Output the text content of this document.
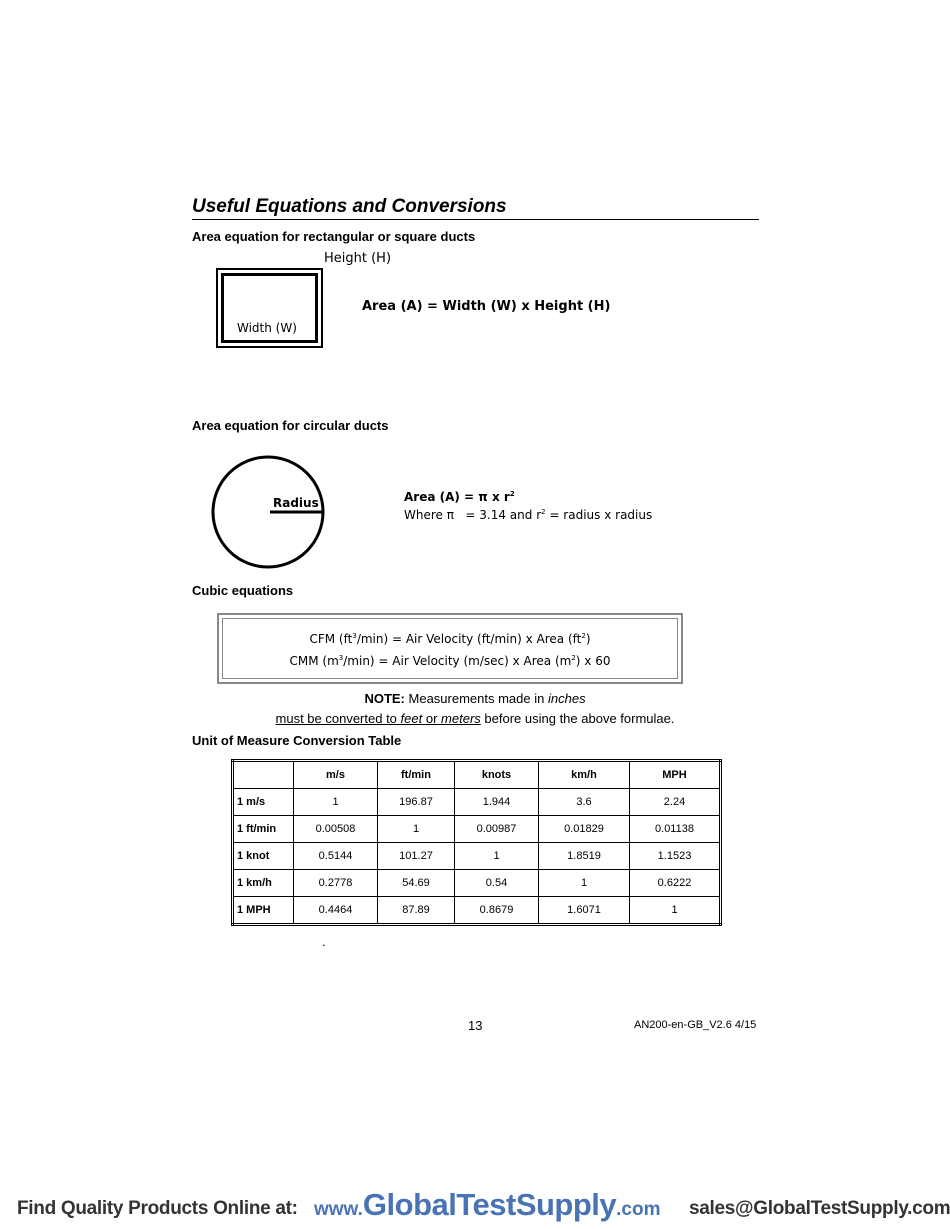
Useful Equations and Conversions
Area equation for rectangular or square ducts
Height (H)
Width (W)
Area (A) = Width (W) x Height (H)
Area equation for circular ducts
Radius	Area (A) = π x $r^2$
Where π = 3.14 and $r^2$ = radius x radius
Cubic equations
CFM $(ft^3/\min)$ = Air Velocity (ft/min) x Area $(ft^2)$
CMM $(m^3/\min)$ = Air Velocity (m/sec) x Area $(m^2)$ x 60
NOTE: Measurements made in inches
must be converted to feet or meters before using the above formulae.
Unit of Measure Conversion Table
	m/s	ft/min	knots	km/h	MPH
1 m/s	1	196.87	1.944	3.6	2.24
1 ft/min	0.00508	1	0.00987	0.01829	0.01138
1 knot	0.5144	101.27	1	1.8519	1.1523
1 km/h	0.2778	54.69	0.54	1	0.6222
1 MPH	0.4464	87.89	0.8679	1.6071	1
.
13	AN200-en-GB_V2.6 4/15
Find Quality Products Online at: www.GlobalTestSupply.com sales@GlobalTestSupply.com
